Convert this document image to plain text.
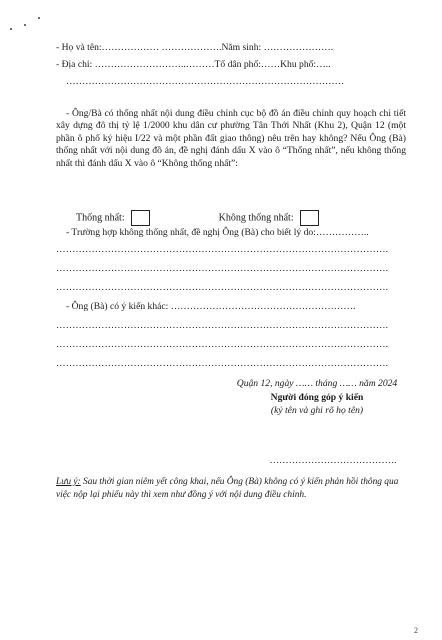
- Họ và tên:……………… ……………….Năm sinh: ………………….
- Địa chỉ: ………………………..………Tổ dân phố:……Khu phố:…..
……………………………………………………………………………
- Ông/Bà có thống nhất nội dung điều chỉnh cục bộ đồ án điều chỉnh quy hoạch chi tiết xây dựng đô thị tỷ lệ 1/2000 khu dân cư phường Tân Thới Nhất (Khu 2), Quận 12 (một phần ô phố ký hiệu I/22 và một phần đất giao thông) nêu trên hay không? Nếu Ông (Bà) thống nhất với nội dung đồ án, đề nghị đánh dấu X vào ô “Thống nhất”, nếu không thống nhất thì đánh dấu X vào ô “Không thống nhất”:
Thống nhất:	Không thống nhất:
- Trường hợp không thống nhất, đề nghị Ông (Bà) cho biết lý do:……………..
………………………………………………………………………………………….
………………………………………………………………………………………….
………………………………………………………………………………………….
- Ông (Bà) có ý kiến khác: ………………………………………………….
Quận 12, ngày …… tháng …… năm 2024
Người đóng góp ý kiến
(ký tên và ghi rõ họ tên)
………………………………….
Lưu ý: Sau thời gian niêm yết công khai, nếu Ông (Bà) không có ý kiến phản hồi thông qua việc nộp lại phiếu này thì xem như đồng ý với nội dung điều chỉnh.
2
………………………………………………………………………………………….
………………………………………………………………………………………….
………………………………………………………………………………………….
